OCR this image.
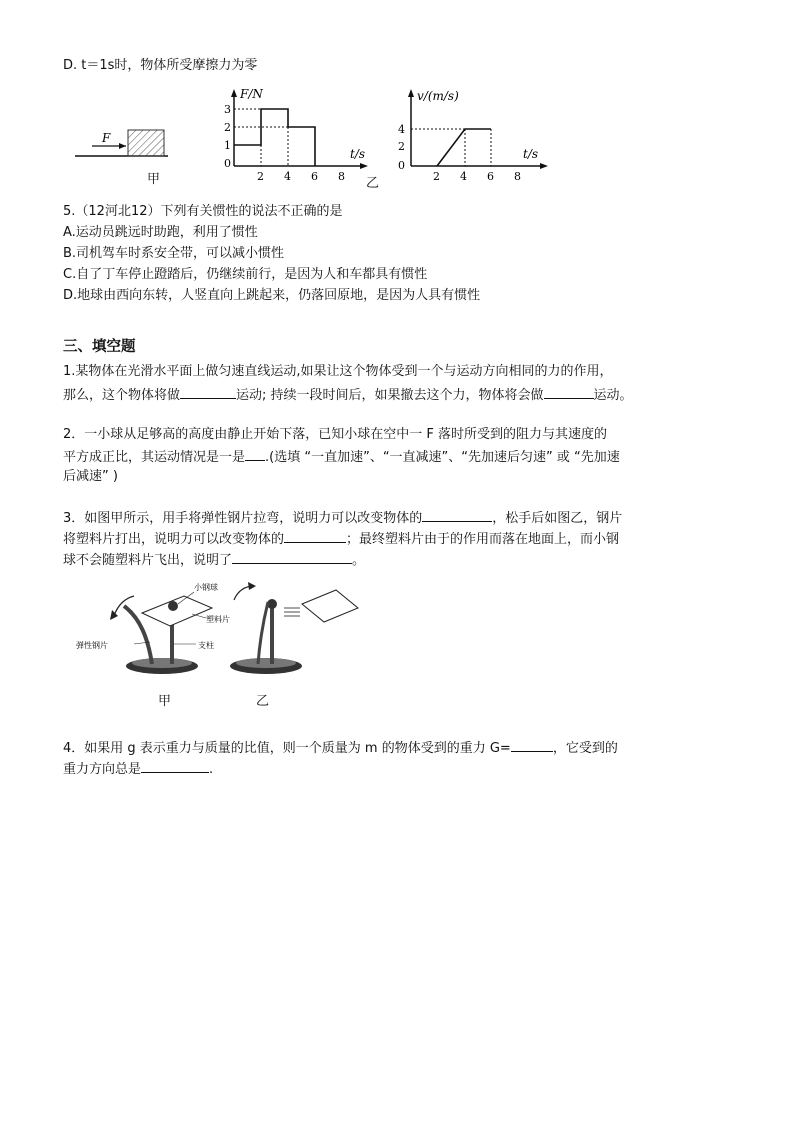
D. t＝1s时，物体所受摩擦力为零
F
甲
F/N
t/s
3
2
1
0
2 4 6 8 乙
v/(m/s)
t/s
4
2
0
2 4 6 8
5.（12河北12）下列有关惯性的说法不正确的是
A.运动员跳远时助跑，利用了惯性
B.司机驾车时系安全带，可以减小惯性
C.自了丁车停止蹬踏后，仍继续前行，是因为人和车都具有惯性
D.地球由西向东转，人竖直向上跳起来，仍落回原地，是因为人具有惯性
三、填空题
1.某物体在光滑水平面上做匀速直线运动,如果让这个物体受到一个与运动方向相同的力的作用，
那么，这个物体将做	运动; 持续一段时间后，如果撤去这个力，物体将会做	运动。
2．一小球从足够高的高度由静止开始下落，已知小球在空中一 F 落时所受到的阻力与其速度的
平方成正比，其运动情况是一是 .(选填 “一直加速”、“一直减速”、“先加速后匀速” 或 “先加速
后减速” )
3．如图甲所示，用手将弹性钢片拉弯，说明力可以改变物体的	，松手后如图乙，钢片
将塑料片打出，说明力可以改变物体的	；最终塑料片由于的作用而落在地面上，而小钢
球不会随塑料片飞出，说明了	。
小钢球
塑料片
弹性钢片	支柱
甲	乙
4．如果用 g 表示重力与质量的比值，则一个质量为 m 的物体受到的重力 G=	，它受到的
重力方向总是	.
